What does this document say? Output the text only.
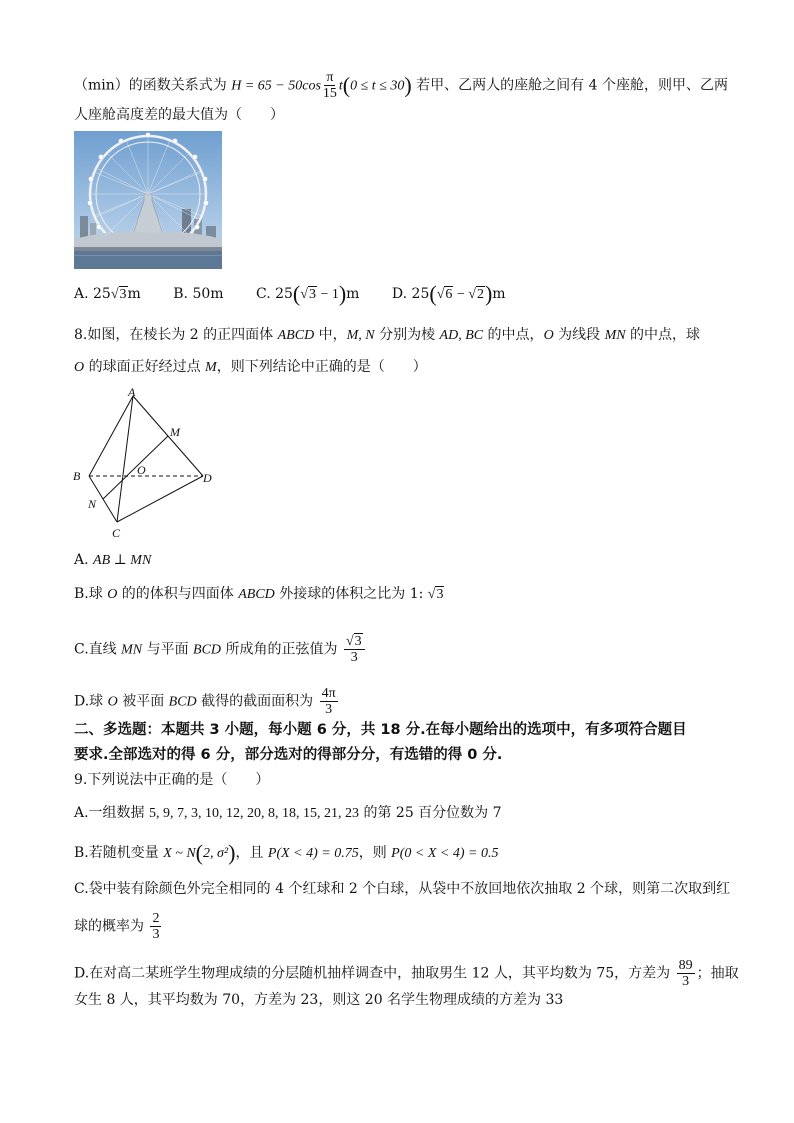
（min）的函数关系式为 $H = 65 - 50\cos \frac{\pi}{15} t(0 \le t \le 30)$ 若甲、乙两人的座舱之间有 4 个座舱，则甲、乙两
人座舱高度差的最大值为（　　）
A. 25√3m B. 50m C. 25(√3 − 1)m D. 25(√6 − √2)m
8.如图，在棱长为 2 的正四面体 ABCD 中，M, N 分别为棱 AD, BC 的中点，O 为线段 MN 的中点，球
O 的球面正好经过点 M，则下列结论中正确的是（　　）
A
M
O
B	D
N
C
A. AB ⊥ MN
B.球 O 的的体积与四面体 ABCD 外接球的体积之比为 1: √3
C.直线 MN 与平面 BCD 所成角的正弦值为 $\frac{√3}{3}$
D.球 O 被平面 BCD 截得的截面面积为 $\frac{4\pi}{3}$
二、多选题：本题共 3 小题，每小题 6 分，共 18 分.在每小题给出的选项中，有多项符合题目
要求.全部选对的得 6 分，部分选对的得部分分，有选错的得 0 分.
9.下列说法中正确的是（　　）
A.一组数据 5, 9, 7, 3, 10, 12, 20, 8, 18, 15, 21, 23 的第 25 百分位数为 7
B.若随机变量 X ~ N(2, σ²)，且 P(X < 4) = 0.75，则 P(0 < X < 4) = 0.5
C.袋中装有除颜色外完全相同的 4 个红球和 2 个白球，从袋中不放回地依次抽取 2 个球，则第二次取到红
球的概率为 $\frac{2}{3}$
D.在对高二某班学生物理成绩的分层随机抽样调查中，抽取男生 12 人，其平均数为 75，方差为 $\frac{89}{3}$ ；抽取
女生 8 人，其平均数为 70，方差为 23，则这 20 名学生物理成绩的方差为 33
